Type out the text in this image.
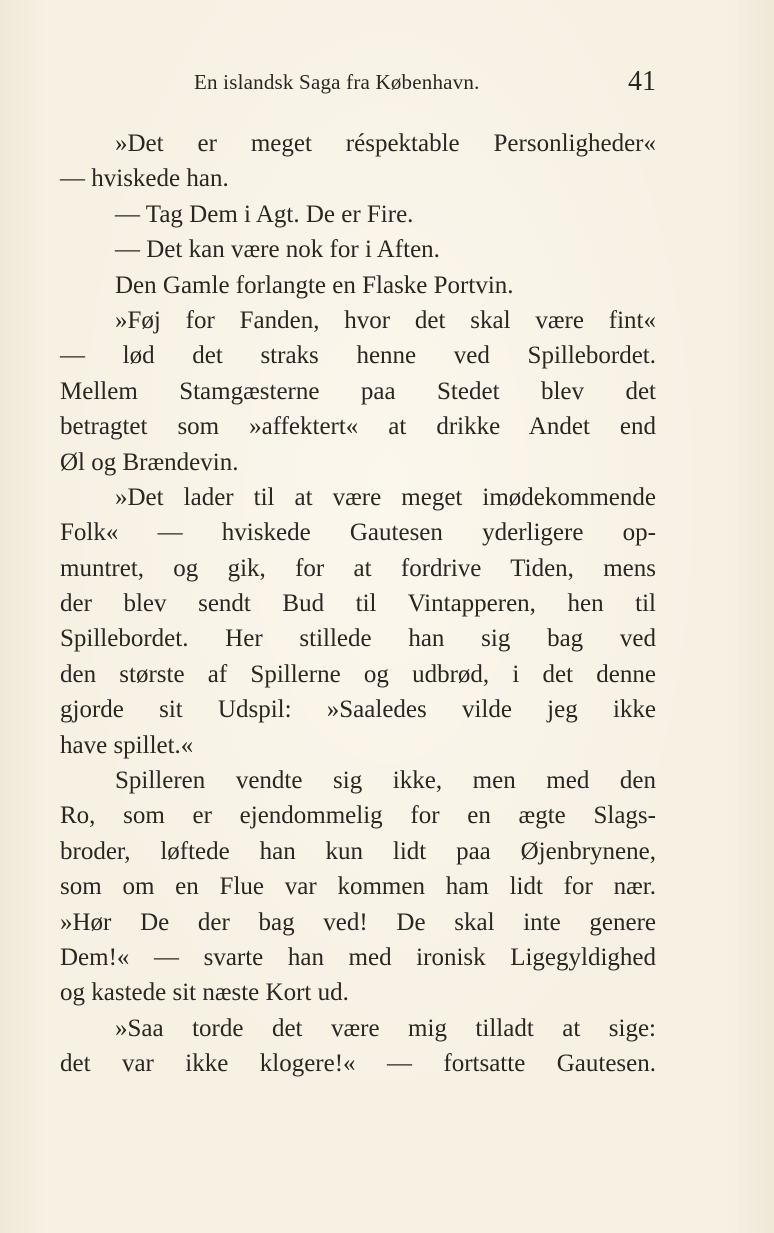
En islandsk Saga fra København.	41
»Det er meget réspektable Personligheder«
— hviskede han.
— Tag Dem i Agt. De er Fire.
— Det kan være nok for i Aften.
Den Gamle forlangte en Flaske Portvin.
»Føj for Fanden, hvor det skal være fint«
— lød det straks henne ved Spillebordet.
Mellem Stamgæsterne paa Stedet blev det
betragtet som »affektert« at drikke Andet end
Øl og Brændevin.
»Det lader til at være meget imødekommende
Folk« — hviskede Gautesen yderligere op-
muntret, og gik, for at fordrive Tiden, mens
der blev sendt Bud til Vintapperen, hen til
Spillebordet. Her stillede han sig bag ved
den største af Spillerne og udbrød, i det denne
gjorde sit Udspil: »Saaledes vilde jeg ikke
have spillet.«
Spilleren vendte sig ikke, men med den
Ro, som er ejendommelig for en ægte Slags-
broder, løftede han kun lidt paa Øjenbrynene,
som om en Flue var kommen ham lidt for nær.
»Hør De der bag ved! De skal inte genere
Dem!« — svarte han med ironisk Ligegyldighed
og kastede sit næste Kort ud.
»Saa torde det være mig tilladt at sige:
det var ikke klogere!« — fortsatte Gautesen.
